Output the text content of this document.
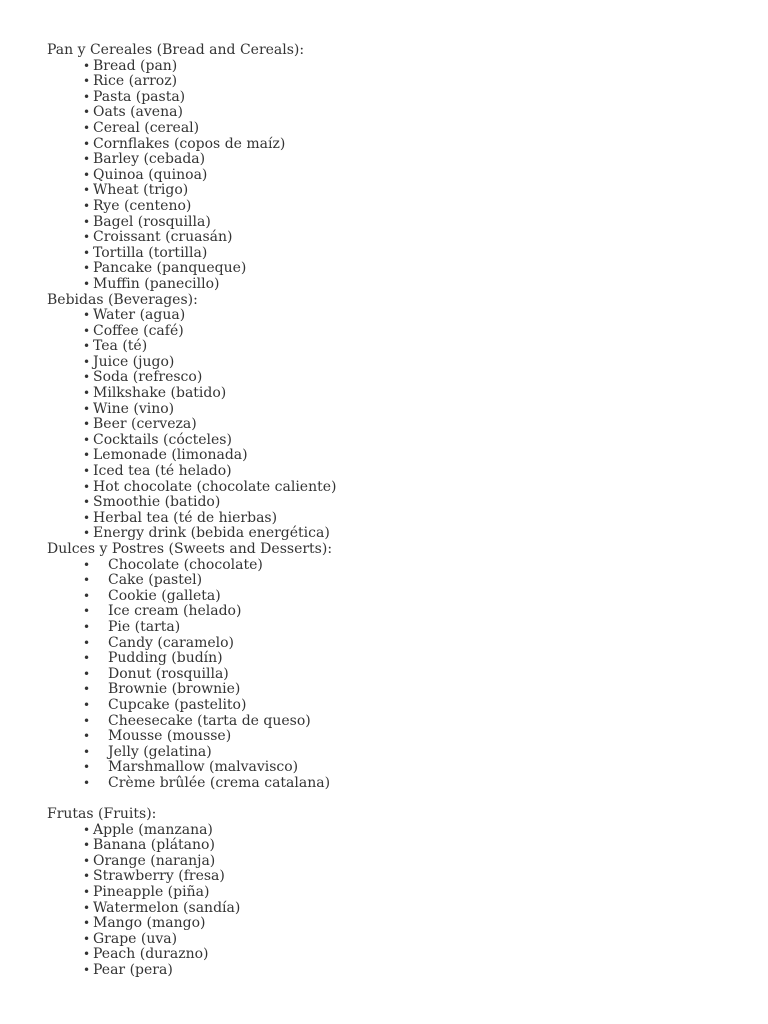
Pan y Cereales (Bread and Cereals):
• Bread (pan)
• Rice (arroz)
• Pasta (pasta)
• Oats (avena)
• Cereal (cereal)
• Cornflakes (copos de maíz)
• Barley (cebada)
• Quinoa (quinoa)
• Wheat (trigo)
• Rye (centeno)
• Bagel (rosquilla)
• Croissant (cruasán)
• Tortilla (tortilla)
• Pancake (panqueque)
• Muffin (panecillo)
Bebidas (Beverages):
• Water (agua)
• Coffee (café)
• Tea (té)
• Juice (jugo)
• Soda (refresco)
• Milkshake (batido)
• Wine (vino)
• Beer (cerveza)
• Cocktails (cócteles)
• Lemonade (limonada)
• Iced tea (té helado)
• Hot chocolate (chocolate caliente)
• Smoothie (batido)
• Herbal tea (té de hierbas)
• Energy drink (bebida energética)
Dulces y Postres (Sweets and Desserts):
• Chocolate (chocolate)
• Cake (pastel)
• Cookie (galleta)
• Ice cream (helado)
• Pie (tarta)
• Candy (caramelo)
• Pudding (budín)
• Donut (rosquilla)
• Brownie (brownie)
• Cupcake (pastelito)
• Cheesecake (tarta de queso)
• Mousse (mousse)
• Jelly (gelatina)
• Marshmallow (malvavisco)
• Crème brûlée (crema catalana)
Frutas (Fruits):
• Apple (manzana)
• Banana (plátano)
• Orange (naranja)
• Strawberry (fresa)
• Pineapple (piña)
• Watermelon (sandía)
• Mango (mango)
• Grape (uva)
• Peach (durazno)
• Pear (pera)
